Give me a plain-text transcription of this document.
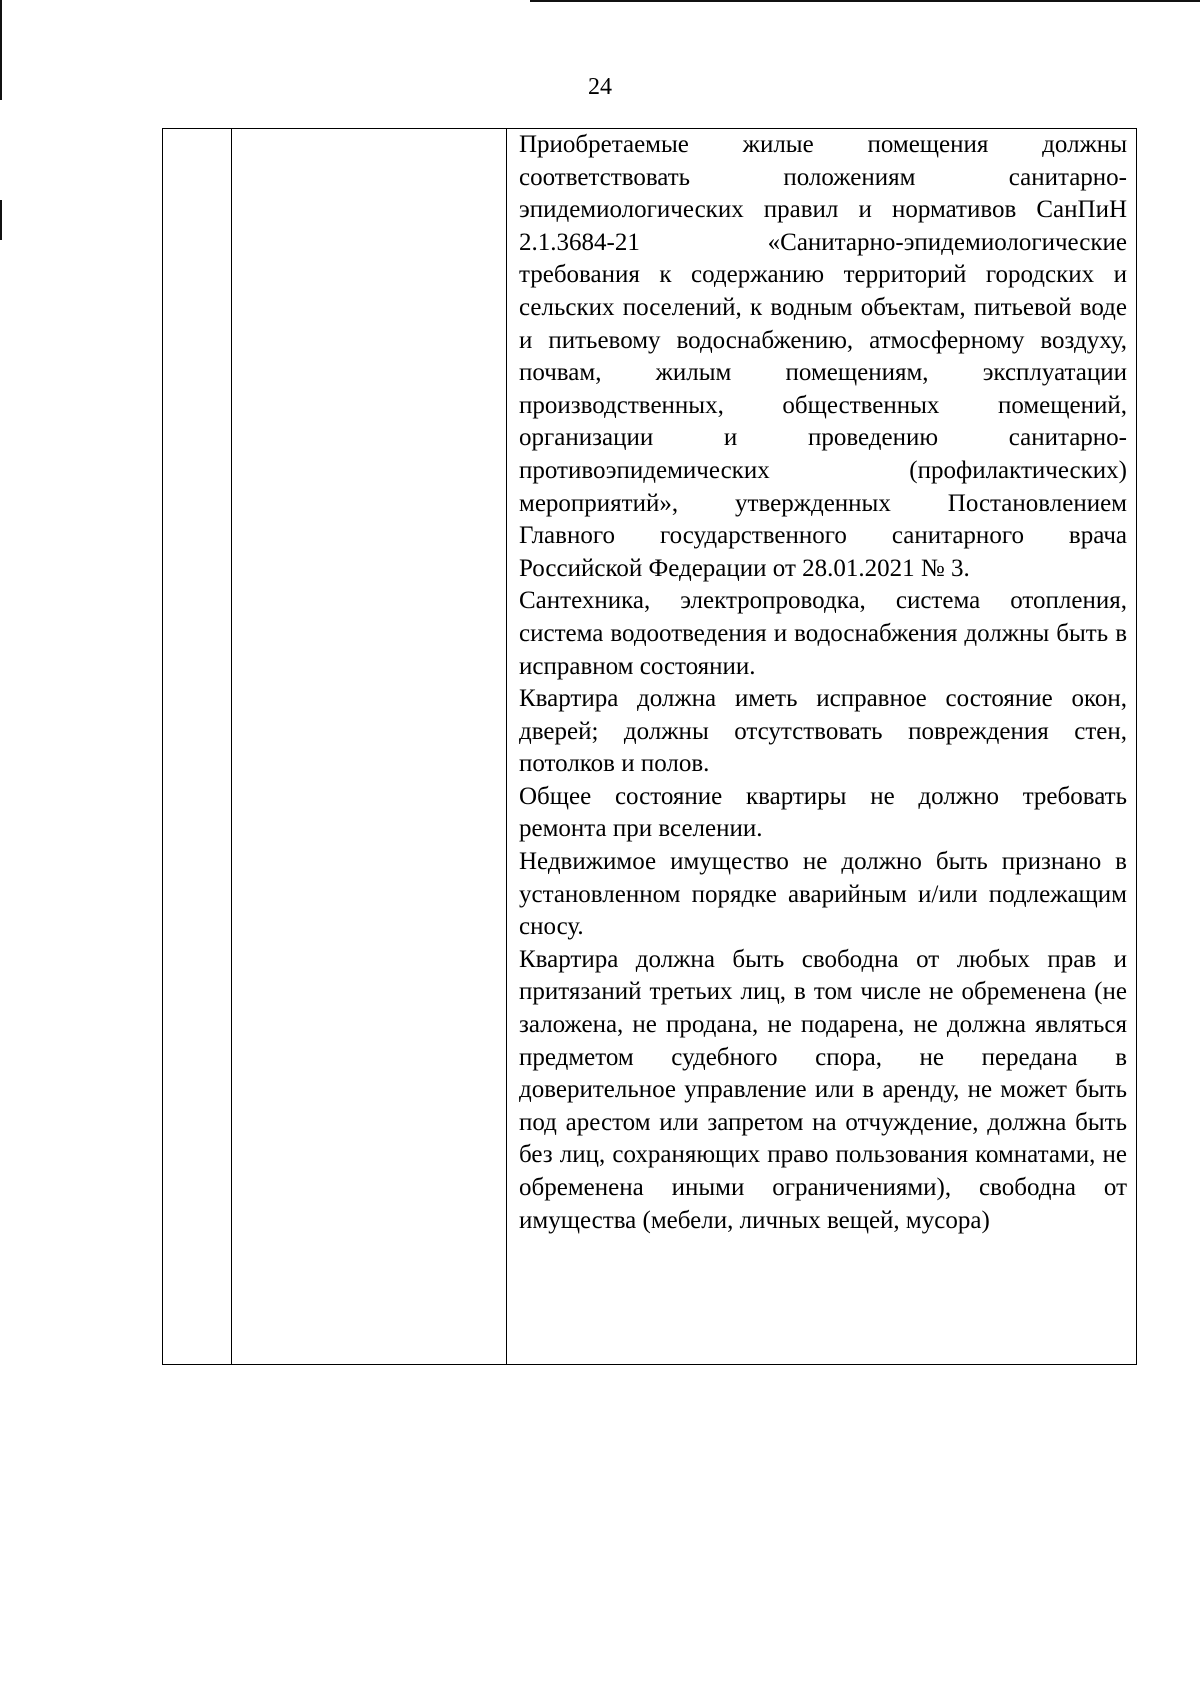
24

Приобретаемые жилые помещения должны соответствовать положениям санитарно-эпидемиологических правил и нормативов СанПиН 2.1.3684-21 «Санитарно-эпидемиологические требования к содержанию территорий городских и сельских поселений, к водным объектам, питьевой воде и питьевому водоснабжению, атмосферному воздуху, почвам, жилым помещениям, эксплуатации производственных, общественных помещений, организации и проведению санитарно-противоэпидемических (профилактических) мероприятий», утвержденных Постановлением Главного государственного санитарного врача Российской Федерации от 28.01.2021 № 3.

Сантехника, электропроводка, система отопления, система водоотведения и водоснабжения должны быть в исправном состоянии.

Квартира должна иметь исправное состояние окон, дверей; должны отсутствовать повреждения стен, потолков и полов.

Общее состояние квартиры не должно требовать ремонта при вселении.

Недвижимое имущество не должно быть признано в установленном порядке аварийным и/или подлежащим сносу.

Квартира должна быть свободна от любых прав и притязаний третьих лиц, в том числе не обременена (не заложена, не продана, не подарена, не должна являться предметом судебного спора, не передана в доверительное управление или в аренду, не может быть под арестом или запретом на отчуждение, должна быть без лиц, сохраняющих право пользования комнатами, не обременена иными ограничениями), свободна от имущества (мебели, личных вещей, мусора)
